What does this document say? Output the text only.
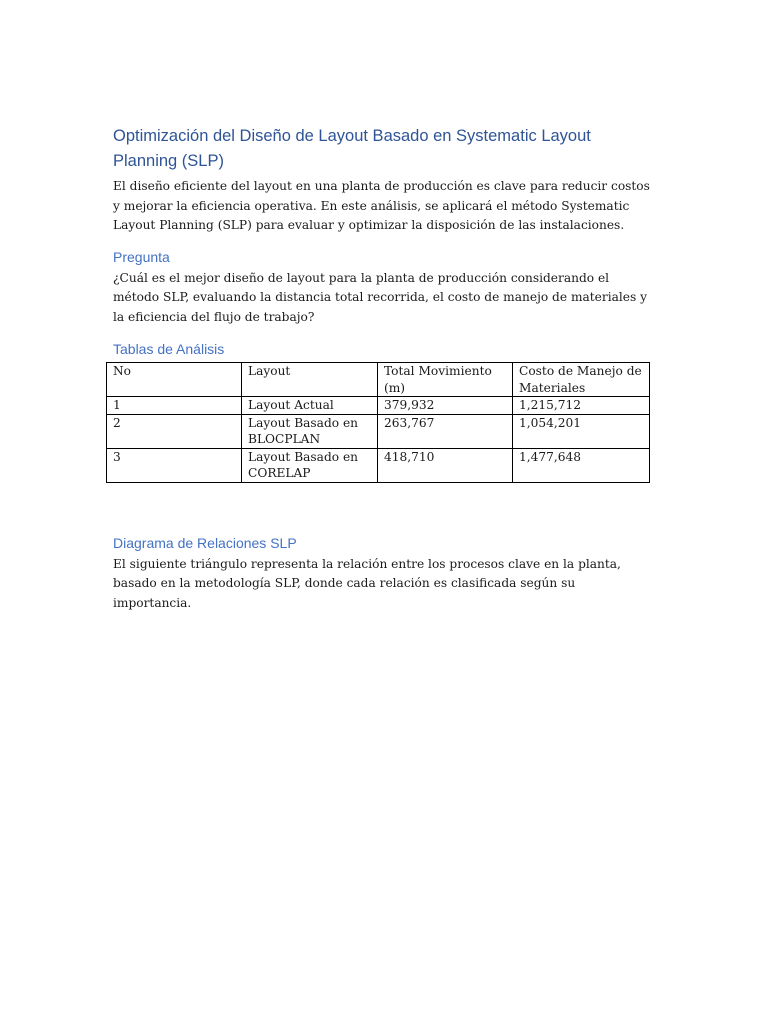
Optimización del Diseño de Layout Basado en Systematic Layout Planning (SLP)

El diseño eficiente del layout en una planta de producción es clave para reducir costos y mejorar la eficiencia operativa. En este análisis, se aplicará el método Systematic Layout Planning (SLP) para evaluar y optimizar la disposición de las instalaciones.

Pregunta

¿Cuál es el mejor diseño de layout para la planta de producción considerando el método SLP, evaluando la distancia total recorrida, el costo de manejo de materiales y la eficiencia del flujo de trabajo?

Tablas de Análisis
No	Layout	Total Movimiento (m)	Costo de Manejo de Materiales
1	Layout Actual	379,932	1,215,712
2	Layout Basado en BLOCPLAN	263,767	1,054,201
3	Layout Basado en CORELAP	418,710	1,477,648
Diagrama de Relaciones SLP

El siguiente triángulo representa la relación entre los procesos clave en la planta, basado en la metodología SLP, donde cada relación es clasificada según su importancia.
